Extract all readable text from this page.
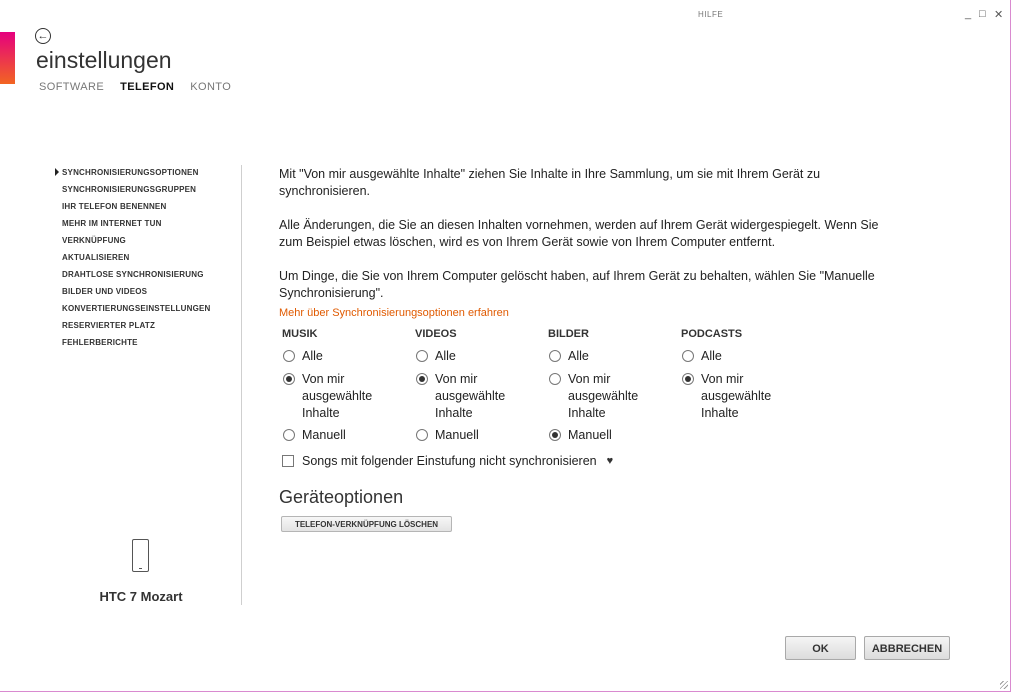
HILFE	_ □ ✕
←
einstellungen
SOFTWARE TELEFON KONTO
SYNCHRONISIERUNGSOPTIONEN
SYNCHRONISIERUNGSGRUPPEN
IHR TELEFON BENENNEN
MEHR IM INTERNET TUN
VERKNÜPFUNG
AKTUALISIEREN
DRAHTLOSE SYNCHRONISIERUNG
BILDER UND VIDEOS
KONVERTIERUNGSEINSTELLUNGEN
RESERVIERTER PLATZ
FEHLERBERICHTE
HTC 7 Mozart

Mit "Von mir ausgewählte Inhalte" ziehen Sie Inhalte in Ihre Sammlung, um sie mit Ihrem Gerät zu synchronisieren.

Alle Änderungen, die Sie an diesen Inhalten vornehmen, werden auf Ihrem Gerät widergespiegelt. Wenn Sie zum Beispiel etwas löschen, wird es von Ihrem Gerät sowie von Ihrem Computer entfernt.

Um Dinge, die Sie von Ihrem Computer gelöscht haben, auf Ihrem Gerät zu behalten, wählen Sie "Manuelle Synchronisierung".

Mehr über Synchronisierungsoptionen erfahren
MUSIK
Alle
Von mir ausgewählte Inhalte
Manuell
VIDEOS
Alle
Von mir ausgewählte Inhalte
Manuell
BILDER
Alle
Von mir ausgewählte Inhalte
Manuell
PODCASTS
Alle
Von mir ausgewählte Inhalte
Songs mit folgender Einstufung nicht synchronisieren ♥
Geräteoptionen
TELEFON-VERKNÜPFUNG LÖSCHEN
OK	ABBRECHEN
